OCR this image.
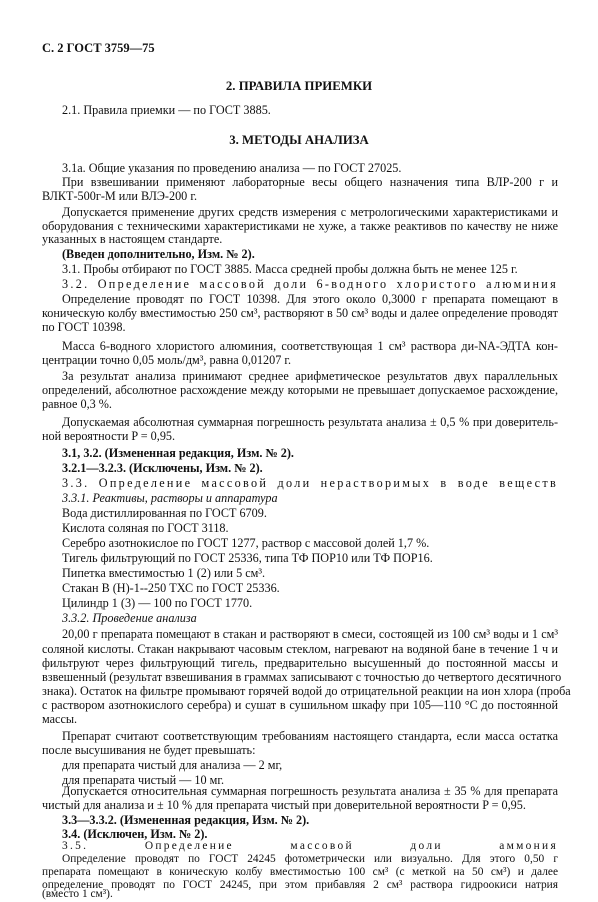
С. 2 ГОСТ 3759—75
2. ПРАВИЛА ПРИЕМКИ
2.1. Правила приемки — по ГОСТ 3885.
3. МЕТОДЫ АНАЛИЗА
3.1а. Общие указания по проведению анализа — по ГОСТ 27025.
При взвешивании применяют лабораторные весы общего назначения типа ВЛР-200 г и
ВЛКТ-500г-М или ВЛЭ-200 г.
Допускается применение других средств измерения с метрологическими характеристиками и
оборудования с техническими характеристиками не хуже, а также реактивов по качеству не ниже
указанных в настоящем стандарте.
(Введен дополнительно, Изм. № 2).
3.1. Пробы отбирают по ГОСТ 3885. Масса средней пробы должна быть не менее 125 г.
3.2. Определение массовой доли 6-водного хлористого алюминия
Определение проводят по ГОСТ 10398. Для этого около 0,3000 г препарата помещают в
коническую колбу вместимостью 250 см³, растворяют в 50 см³ воды и далее определение проводят
по ГОСТ 10398.
Масса 6-водного хлористого алюминия, соответствующая 1 см³ раствора ди-NA-ЭДТА кон-
центрации точно 0,05 моль/дм³, равна 0,01207 г.
За результат анализа принимают среднее арифметическое результатов двух параллельных
определений, абсолютное расхождение между которыми не превышает допускаемое расхождение,
равное 0,3 %.
Допускаемая абсолютная суммарная погрешность результата анализа ± 0,5 % при доверитель-
ной вероятности P = 0,95.
3.1, 3.2. (Измененная редакция, Изм. № 2).
3.2.1—3.2.3. (Исключены, Изм. № 2).
3.3. Определение массовой доли нерастворимых в воде веществ
3.3.1. Реактивы, растворы и аппаратура
Вода дистиллированная по ГОСТ 6709.
Кислота соляная по ГОСТ 3118.
Серебро азотнокислое по ГОСТ 1277, раствор с массовой долей 1,7 %.
Тигель фильтрующий по ГОСТ 25336, типа ТФ ПОР10 или ТФ ПОР16.
Пипетка вместимостью 1 (2) или 5 см³.
Стакан В (Н)-1--250 ТХС по ГОСТ 25336.
Цилиндр 1 (3) — 100 по ГОСТ 1770.
3.3.2. Проведение анализа
20,00 г препарата помещают в стакан и растворяют в смеси, состоящей из 100 см³ воды и 1 см³
соляной кислоты. Стакан накрывают часовым стеклом, нагревают на водяной бане в течение 1 ч и
фильтруют через фильтрующий тигель, предварительно высушенный до постоянной массы и
взвешенный (результат взвешивания в граммах записывают с точностью до четвертого десятичного
знака). Остаток на фильтре промывают горячей водой до отрицательной реакции на ион хлора (проба
с раствором азотнокислого серебра) и сушат в сушильном шкафу при 105—110 °С до постоянной
массы.
Препарат считают соответствующим требованиям настоящего стандарта, если масса остатка
после высушивания не будет превышать:
для препарата чистый для анализа — 2 мг,
для препарата чистый — 10 мг.
Допускается относительная суммарная погрешность результата анализа ± 35 % для препарата
чистый для анализа и ± 10 % для препарата чистый при доверительной вероятности P = 0,95.
3.3—3.3.2. (Измененная редакция, Изм. № 2).
3.4. (Исключен, Изм. № 2).
3.5. Определение массовой доли аммония
Определение проводят по ГОСТ 24245 фотометрически или визуально. Для этого 0,50 г
препарата помещают в коническую колбу вместимостью 100 см³ (с меткой на 50 см³) и далее
определение проводят по ГОСТ 24245, при этом прибавляя 2 см³ раствора гидроокиси натрия
(вместо 1 см³).
